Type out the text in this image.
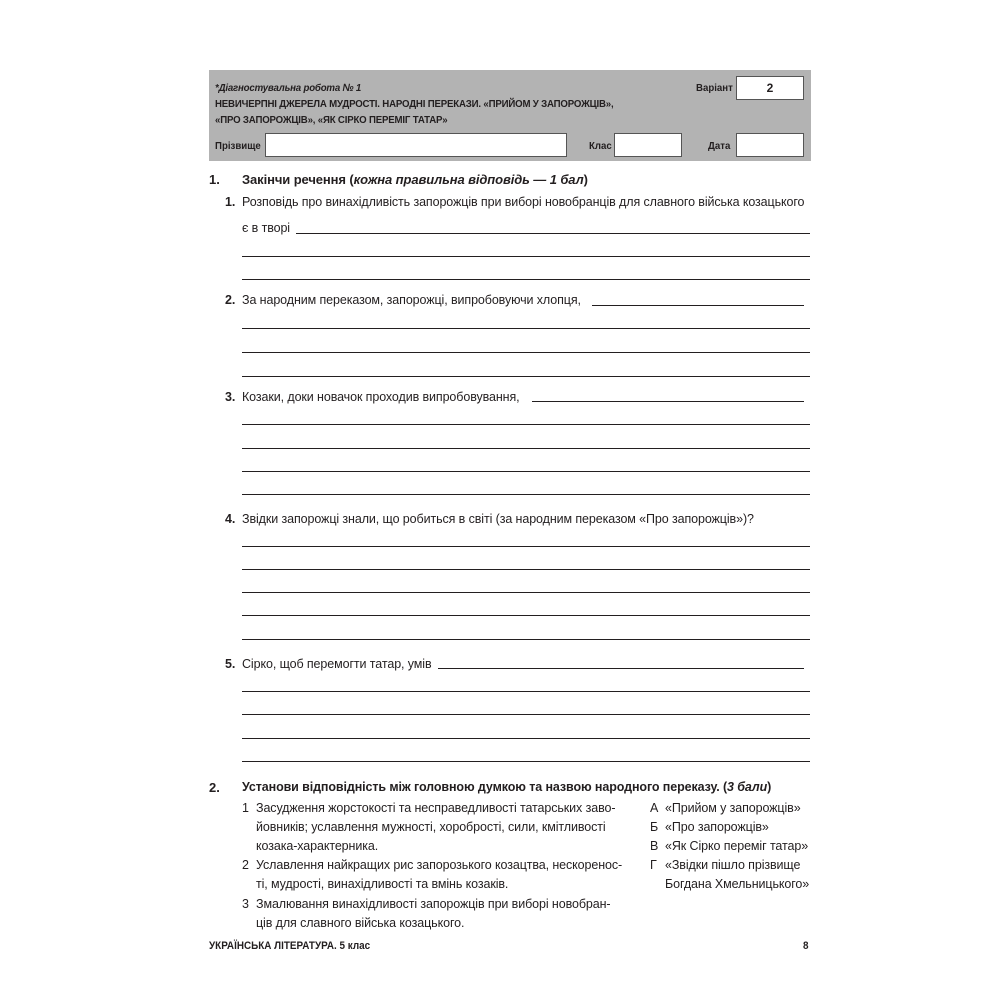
*Діагностувальна робота № 1
НЕВИЧЕРПНІ ДЖЕРЕЛА МУДРОСТІ. НАРОДНІ ПЕРЕКАЗИ. «ПРИЙОМ У ЗАПОРОЖЦІВ»,
«ПРО ЗАПОРОЖЦІВ», «ЯК СІРКО ПЕРЕМІГ ТАТАР»
Варіант	2
Прізвище	Клас	Дата
1. Закінчи речення (кожна правильна відповідь — 1 бал)
1. Розповідь про винахідливість запорожців при виборі новобранців для славного війська козацького
є в творі
2. За народним переказом, запорожці, випробовуючи хлопця,
3. Козаки, доки новачок проходив випробовування,
4. Звідки запорожці знали, що робиться в світі (за народним переказом «Про запорожців»)?
5. Сірко, щоб перемогти татар, умів
2. Установи відповідність між головною думкою та назвою народного переказу. (3 бали)
1 Засудження жорстокості та несправедливості татарських заво-
йовників; уславлення мужності, хоробрості, сили, кмітливості
козака-характерника.
2 Уславлення найкращих рис запорозького козацтва, нескоренос-
ті, мудрості, винахідливості та вмінь козаків.
3 Змалювання винахідливості запорожців при виборі новобран-
ців для славного війська козацького.
А «Прийом у запорожців»
Б «Про запорожців»
В «Як Сірко переміг татар»
Г «Звідки пішло прізвище
Богдана Хмельницького»
УКРАЇНСЬКА ЛІТЕРАТУРА. 5 клас	8
